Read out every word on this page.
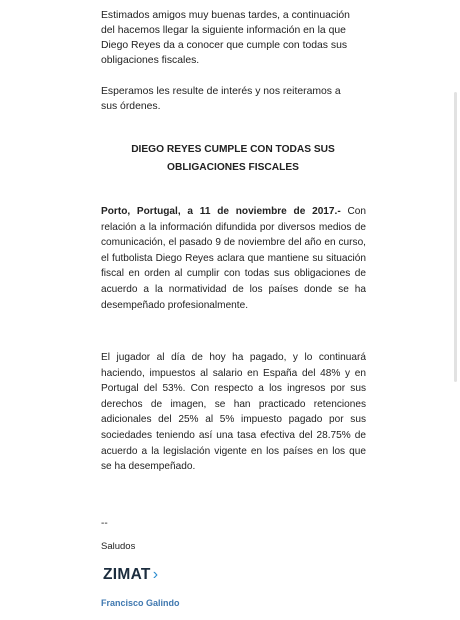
Estimados amigos muy buenas tardes, a continuación del hacemos llegar la siguiente información en la que Diego Reyes da a conocer que cumple con todas sus obligaciones fiscales.

Esperamos les resulte de interés y nos reiteramos a sus órdenes.

DIEGO REYES CUMPLE CON TODAS SUS OBLIGACIONES FISCALES
Porto, Portugal, a 11 de noviembre de 2017.- Con relación a la información difundida por diversos medios de comunicación, el pasado 9 de noviembre del año en curso, el futbolista Diego Reyes aclara que mantiene su situación fiscal en orden al cumplir con todas sus obligaciones de acuerdo a la normatividad de los países donde se ha desempeñado profesionalmente.
El jugador al día de hoy ha pagado, y lo continuará haciendo, impuestos al salario en España del 48% y en Portugal del 53%. Con respecto a los ingresos por sus derechos de imagen, se han practicado retenciones adicionales del 25% al 5% impuesto pagado por sus sociedades teniendo así una tasa efectiva del 28.75% de acuerdo a la legislación vigente en los países en los que se ha desempeñado.
--
Saludos
ZIMAT ›
Francisco Galindo
